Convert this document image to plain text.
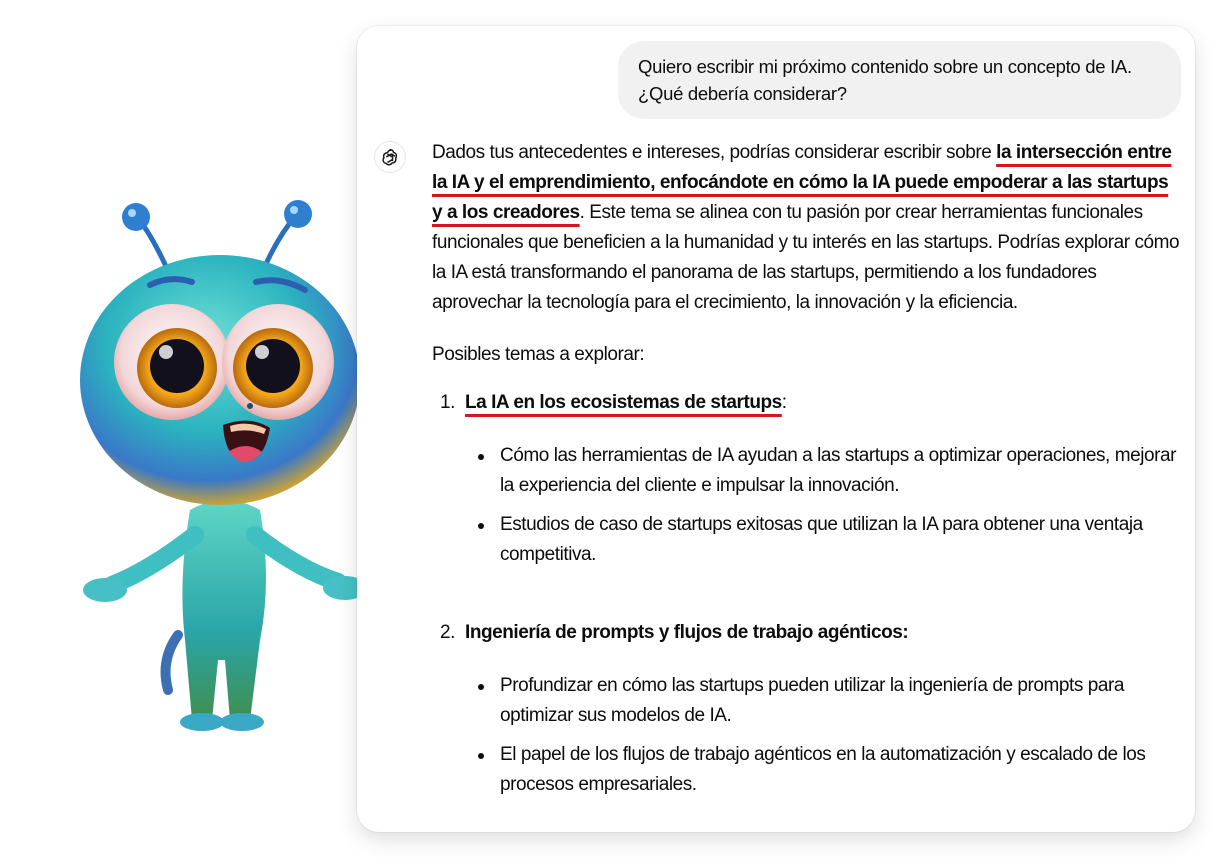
Quiero escribir mi próximo contenido sobre un concepto de IA.
¿Qué debería considerar?

Dados tus antecedentes e intereses, podrías considerar escribir sobre la intersección entre la IA y el emprendimiento, enfocándote en cómo la IA puede empoderar a las startups y a los creadores. Este tema se alinea con tu pasión por crear herramientas funcionales funcionales que beneficien a la humanidad y tu interés en las startups. Podrías explorar cómo la IA está transformando el panorama de las startups, permitiendo a los fundadores aprovechar la tecnología para el crecimiento, la innovación y la eficiencia.

Posibles temas a explorar:

1. La IA en los ecosistemas de startups:
Cómo las herramientas de IA ayudan a las startups a optimizar operaciones, mejorar la experiencia del cliente e impulsar la innovación.
Estudios de caso de startups exitosas que utilizan la IA para obtener una ventaja competitiva.
2. Ingeniería de prompts y flujos de trabajo agénticos:
Profundizar en cómo las startups pueden utilizar la ingeniería de prompts para optimizar sus modelos de IA.
El papel de los flujos de trabajo agénticos en la automatización y escalado de los procesos empresariales.
